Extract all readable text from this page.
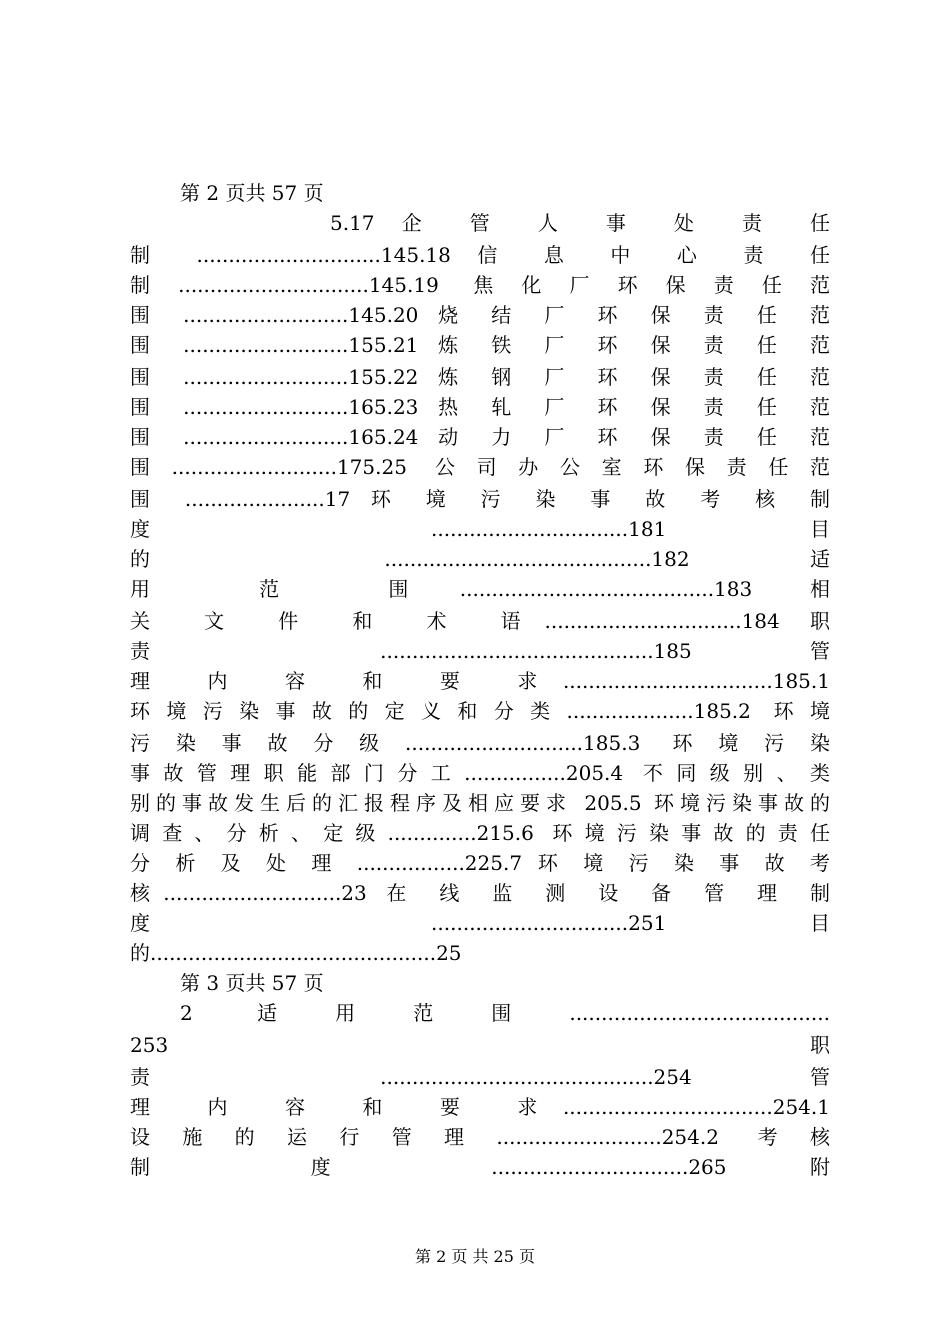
第 2 页共 57 页
5.17 企 管 人 事 处 责 任
制 .............................145.18 信 息 中 心 责 任
制..............................145.19 焦化厂环保责任范
围 ..........................145.20 烧 结 厂 环 保 责 任 范
围 ..........................155.21 炼 铁 厂 环 保 责 任 范
围 ..........................155.22 炼 钢 厂 环 保 责 任 范
围 ..........................165.23 热 轧 厂 环 保 责 任 范
围 ..........................165.24 动 力 厂 环 保 责 任 范
围..........................175.25 公司办公室环保责任范
围 ......................17 环 境 污 染 事 故 考 核 制
度 ...............................181 目
的 ..........................................182 适
用 范 围........................................183 相
关 文 件 和 术 语...............................184 职
责 ...........................................185 管
理 内 容 和 要 求.................................185.1
环境污染事故的定义和分类....................185.2 环境
污染事故分级............................185.3 环境污染
事故管理职能部门分工................205.4 不同级别、类
别的事故发生后的汇报程序及相应要求 205.5 环境污染事故的
调查、分析、定级..............215.6 环境污染事故的责任
分 析 及 处 理 .................225.7 环 境 污 染 事 故 考
核............................23 在 线 监 测 设 备 管 理 制
度 ...............................251 目
的.............................................25
第 3 页共 57 页
2 适用范围.........................................
253 职
责 ...........................................254 管
理 内 容 和 要 求.................................254.1
设施的运行管理..........................254.2 考核
制 度 ...............................265 附
第 2 页 共 25 页
